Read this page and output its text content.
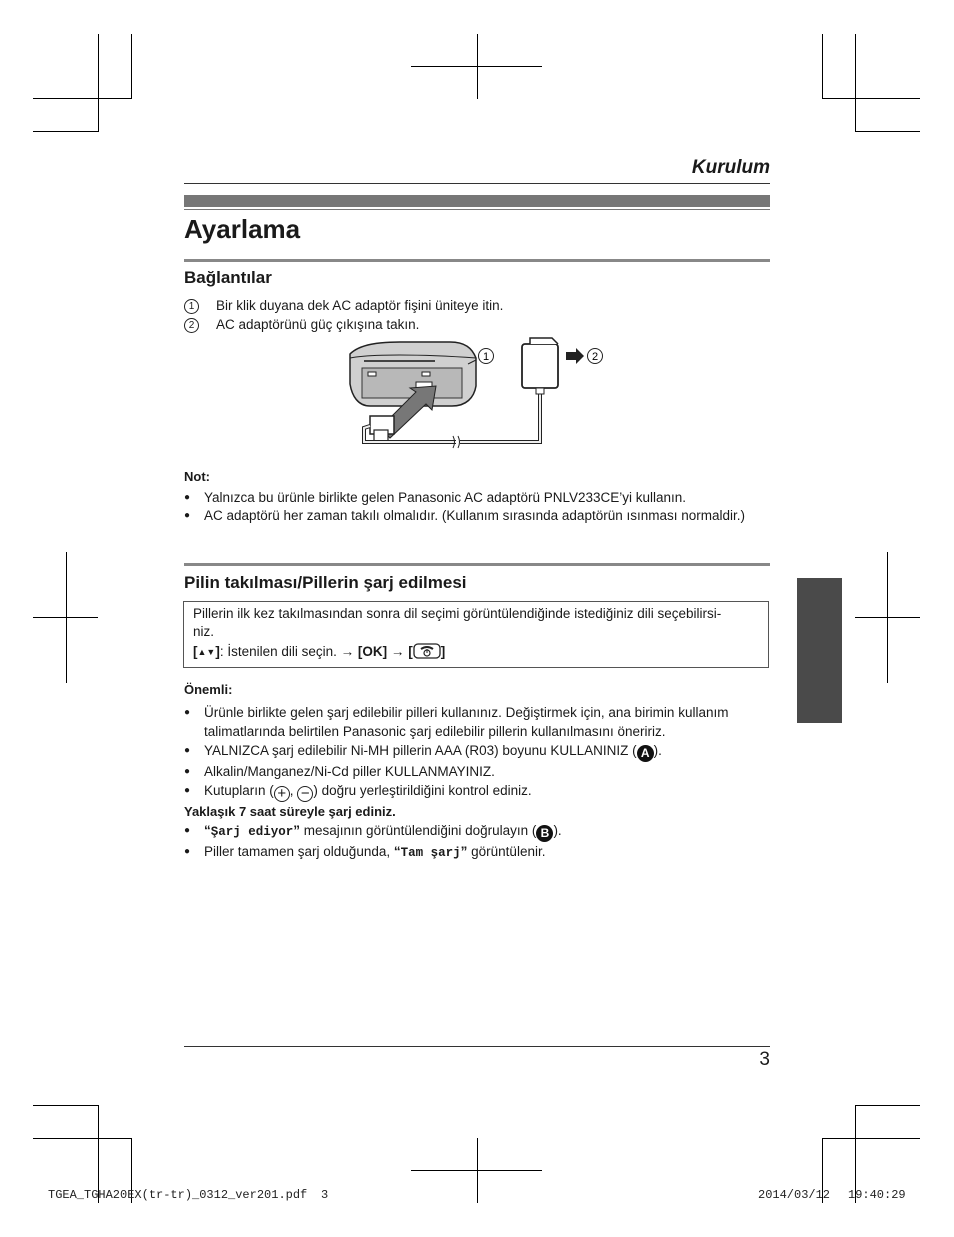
Kurulum
Ayarlama
Bağlantılar
1 Bir klik duyana dek AC adaptör fişini üniteye itin.
2 AC adaptörünü güç çıkışına takın.
1	2
Not:
● Yalnızca bu ürünle birlikte gelen Panasonic AC adaptörü PNLV233CE’yi kullanın.
● AC adaptörü her zaman takılı olmalıdır. (Kullanım sırasında adaptörün ısınması normaldir.)
Pilin takılması/Pillerin şarj edilmesi
Pillerin ilk kez takılmasından sonra dil seçimi görüntülendiğinde istediğiniz dili seçebilirsi-
niz.
[▲▼]: İstenilen dili seçin. → [OK] → [ ]
Önemli:
● Ürünle birlikte gelen şarj edilebilir pilleri kullanınız. Değiştirmek için, ana birimin kullanım talimatlarında belirtilen Panasonic şarj edilebilir pillerin kullanılmasını öneririz.
● YALNIZCA şarj edilebilir Ni-MH pillerin AAA (R03) boyunu KULLANINIZ ( A ).
● Alkalin/Manganez/Ni-Cd piller KULLANMAYINIZ.
● Kutupların ( + , − ) doğru yerleştirildiğini kontrol ediniz.
Yaklaşık 7 saat süreyle şarj ediniz.
● “Şarj ediyor” mesajının görüntülendiğini doğrulayın ( B ).
● Piller tamamen şarj olduğunda, “Tam şarj” görüntülenir.
3
TGEA_TGHA20EX(tr-tr)_0312_ver201.pdf 3	2014/03/12 19:40:29
